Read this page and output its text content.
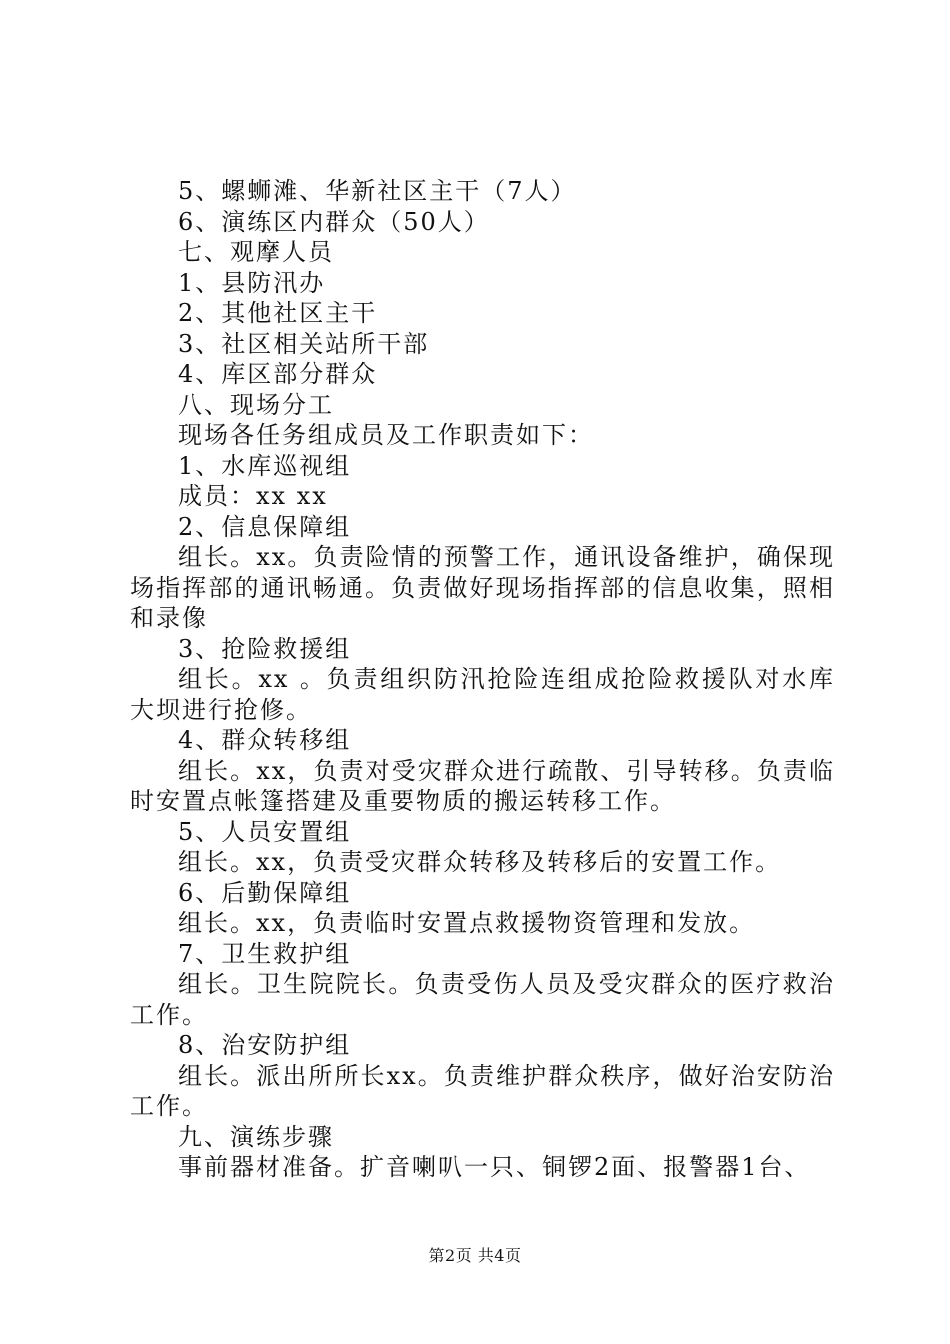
5、螺蛳滩、华新社区主干（7人）
6、演练区内群众（50人）
七、观摩人员
1、县防汛办
2、其他社区主干
3、社区相关站所干部
4、库区部分群众
八、现场分工
现场各任务组成员及工作职责如下：
1、水库巡视组
成员：xx xx
2、信息保障组
组长。xx。负责险情的预警工作，通讯设备维护，确保现场指挥部的通讯畅通。负责做好现场指挥部的信息收集，照相和录像
3、抢险救援组
组长。xx 。负责组织防汛抢险连组成抢险救援队对水库大坝进行抢修。
4、群众转移组
组长。xx，负责对受灾群众进行疏散、引导转移。负责临时安置点帐篷搭建及重要物质的搬运转移工作。
5、人员安置组
组长。xx，负责受灾群众转移及转移后的安置工作。
6、后勤保障组
组长。xx，负责临时安置点救援物资管理和发放。
7、卫生救护组
组长。卫生院院长。负责受伤人员及受灾群众的医疗救治工作。
8、治安防护组
组长。派出所所长xx。负责维护群众秩序，做好治安防治工作。
九、演练步骤
事前器材准备。扩音喇叭一只、铜锣2面、报警器1台、
第2页 共4页
